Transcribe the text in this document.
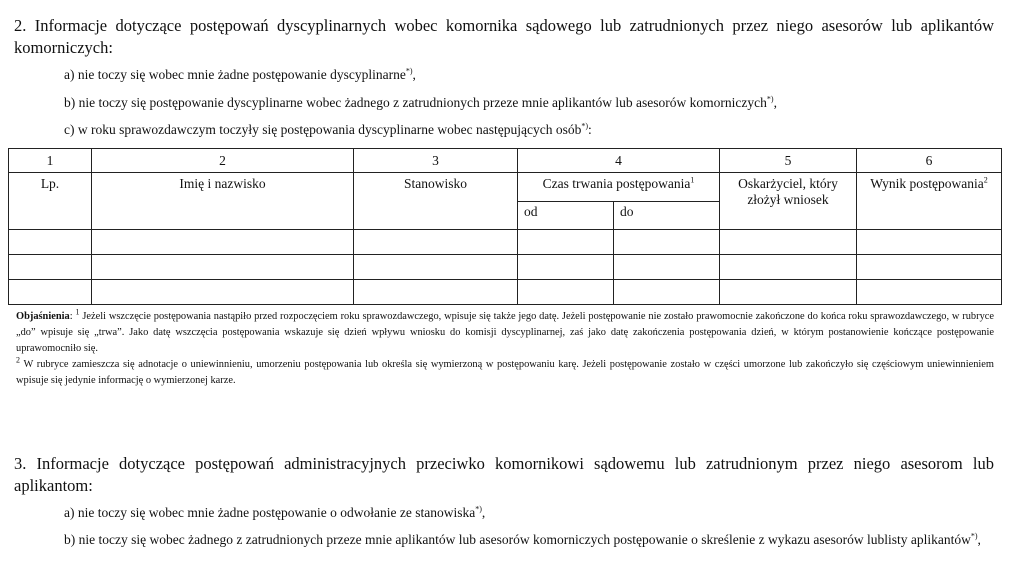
2. Informacje dotyczące postępowań dyscyplinarnych wobec komornika sądowego lub zatrudnionych przez niego asesorów lub aplikantów komorniczych:
a) nie toczy się wobec mnie żadne postępowanie dyscyplinarne*),
b) nie toczy się postępowanie dyscyplinarne wobec żadnego z zatrudnionych przeze mnie aplikantów lub asesorów komorniczych*),
c) w roku sprawozdawczym toczyły się postępowania dyscyplinarne wobec następujących osób*):
1	2	3	4		5	6
Lp.	Imię i nazwisko	Stanowisko	Czas trwania postępowania$^1$		Oskarżyciel, który złożył wniosek	Wynik postępowania$^2$
			od	do		

Objaśnienia: $^1$ Jeżeli wszczęcie postępowania nastąpiło przed rozpoczęciem roku sprawozdawczego, wpisuje się także jego datę. Jeżeli postępowanie nie zostało prawomocnie zakończone do końca roku sprawozdawczego, w rubryce „do” wpisuje się „trwa”. Jako datę wszczęcia postępowania wskazuje się dzień wpływu wniosku do komisji dyscyplinarnej, zaś jako datę zakończenia postępowania dzień, w którym postanowienie kończące postępowanie uprawomocniło się.
$^2$ W rubryce zamieszcza się adnotacje o uniewinnieniu, umorzeniu postępowania lub określa się wymierzoną w postępowaniu karę. Jeżeli postępowanie zostało w części umorzone lub zakończyło się częściowym uniewinnieniem wpisuje się jedynie informację o wymierzonej karze.
3. Informacje dotyczące postępowań administracyjnych przeciwko komornikowi sądowemu lub zatrudnionym przez niego asesorom lub aplikantom:
a) nie toczy się wobec mnie żadne postępowanie o odwołanie ze stanowiska*),
b) nie toczy się wobec żadnego z zatrudnionych przeze mnie aplikantów lub asesorów komorniczych postępowanie o skreślenie z wykazu asesorów lublisty aplikantów*),
